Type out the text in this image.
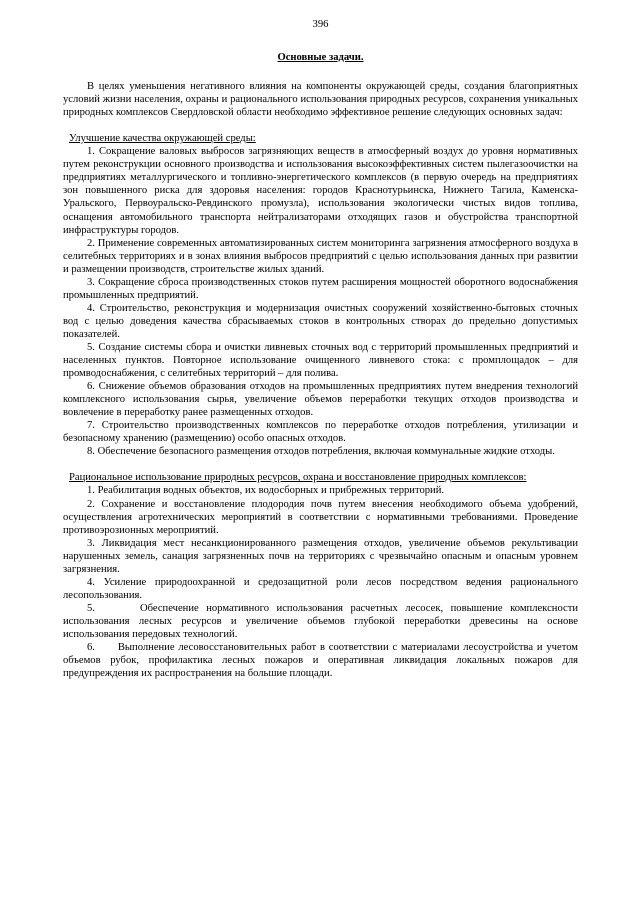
396
Основные задачи.

В целях уменьшения негативного влияния на компоненты окружающей среды, создания благоприятных условий жизни населения, охраны и рационального использования природных ресурсов, сохранения уникальных природных комплексов Свердловской области необходимо эффективное решение следующих основных задач:

Улучшение качества окружающей среды:

1. Сокращение валовых выбросов загрязняющих веществ в атмосферный воздух до уровня нормативных путем реконструкции основного производства и использования высокоэффективных систем пылегазоочистки на предприятиях металлургического и топливно-энергетического комплексов (в первую очередь на предприятиях зон повышенного риска для здоровья населения: городов Краснотурьинска, Нижнего Тагила, Каменска-Уральского, Первоуральско-Ревдинского промузла), использования экологически чистых видов топлива, оснащения автомобильного транспорта нейтрализаторами отходящих газов и обустройства транспортной инфраструктуры городов.

2. Применение современных автоматизированных систем мониторинга загрязнения атмосферного воздуха в селитебных территориях и в зонах влияния выбросов предприятий с целью использования данных при развитии и размещении производств, строительстве жилых зданий.

3. Сокращение сброса производственных стоков путем расширения мощностей оборотного водоснабжения промышленных предприятий.

4. Строительство, реконструкция и модернизация очистных сооружений хозяйственно-бытовых сточных вод с целью доведения качества сбрасываемых стоков в контрольных створах до предельно допустимых показателей.

5. Создание системы сбора и очистки ливневых сточных вод с территорий промышленных предприятий и населенных пунктов. Повторное использование очищенного ливневого стока: с промплощадок – для промводоснабжения, с селитебных территорий – для полива.

6. Снижение объемов образования отходов на промышленных предприятиях путем внедрения технологий комплексного использования сырья, увеличение объемов переработки текущих отходов производства и вовлечение в переработку ранее размещенных отходов.

7. Строительство производственных комплексов по переработке отходов потребления, утилизации и безопасному хранению (размещению) особо опасных отходов.

8. Обеспечение безопасного размещения отходов потребления, включая коммунальные жидкие отходы.

Рациональное использование природных ресурсов, охрана и восстановление природных комплексов:

1. Реабилитация водных объектов, их водосборных и прибрежных территорий.

2. Сохранение и восстановление плодородия почв путем внесения необходимого объема удобрений, осуществления агротехнических мероприятий в соответствии с нормативными требованиями. Проведение противоэрозионных мероприятий.

3. Ликвидация мест несанкционированного размещения отходов, увеличение объемов рекультивации нарушенных земель, санация загрязненных почв на территориях с чрезвычайно опасным и опасным уровнем загрязнения.

4. Усиление природоохранной и средозащитной роли лесов посредством ведения рационального лесопользования.

5.      Обеспечение нормативного использования расчетных лесосек, повышение комплексности использования лесных ресурсов и увеличение объемов глубокой переработки древесины на основе использования передовых технологий.

6.      Выполнение лесовосстановительных работ в соответствии с материалами лесоустройства и учетом объемов рубок, профилактика лесных пожаров и оперативная ликвидация локальных пожаров для предупреждения их распространения на большие площади.
